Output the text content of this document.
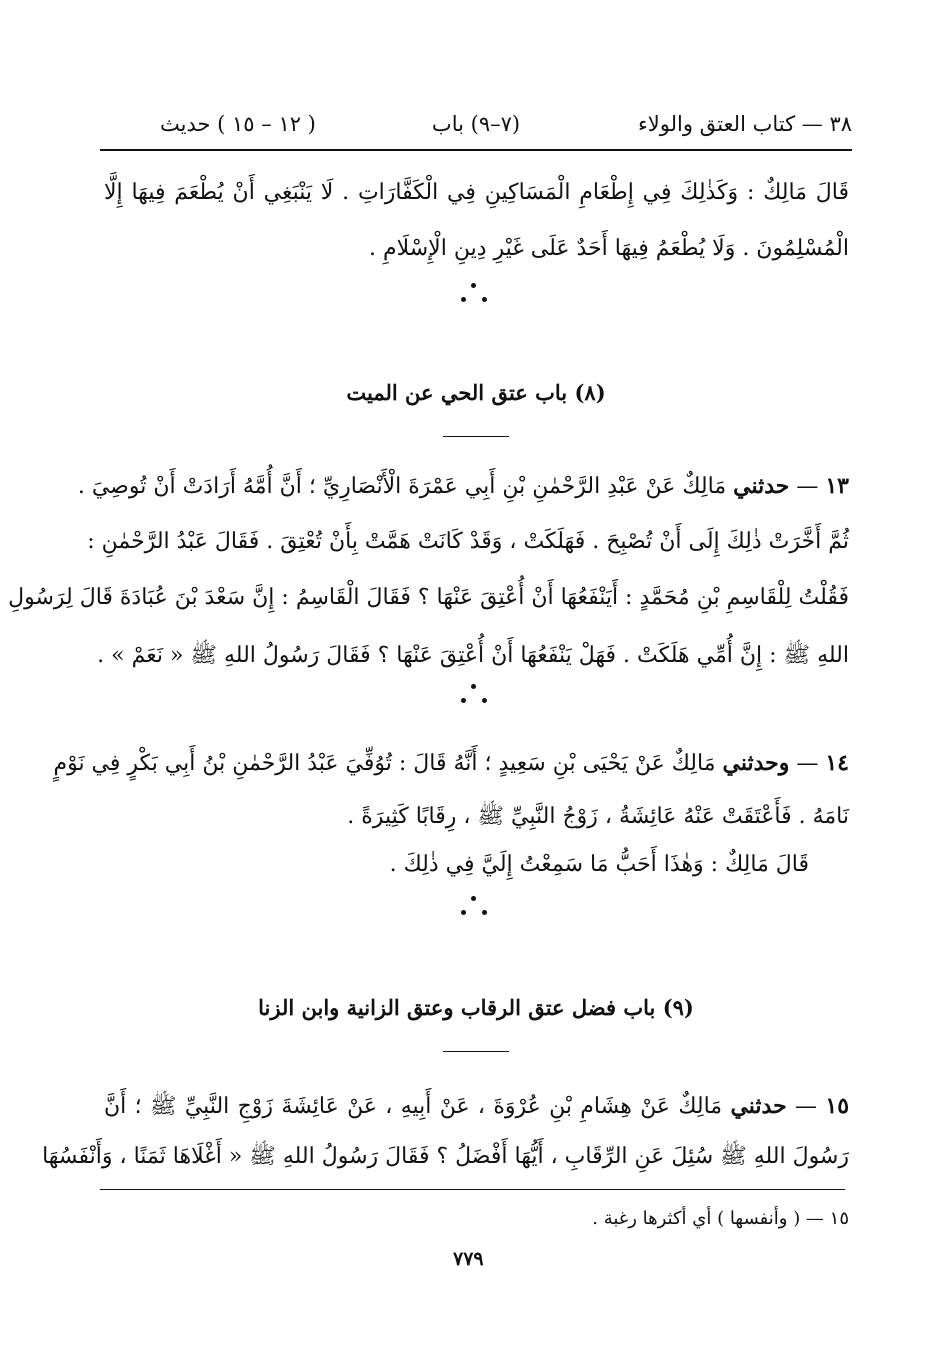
٣٨ — كتاب العتق والولاء
(٧–٩) باب
( ١٢ – ١٥ ) حديث
قَالَ مَالِكٌ : وَكَذٰلِكَ فِي إِطْعَامِ الْمَسَاكِينِ فِي الْكَفَّارَاتِ . لَا يَنْبَغِي أَنْ يُطْعَمَ فِيهَا إِلَّا
الْمُسْلِمُونَ . وَلَا يُطْعَمُ فِيهَا أَحَدٌ عَلَى غَيْرِ دِينِ الْإِسْلَامِ .
(٨) باب عتق الحي عن الميت
١٣ — حدثني مَالِكٌ عَنْ عَبْدِ الرَّحْمٰنِ بْنِ أَبِي عَمْرَةَ الْأَنْصَارِيِّ ؛ أَنَّ أُمَّهُ أَرَادَتْ أَنْ تُوصِيَ .
ثُمَّ أَخَّرَتْ ذٰلِكَ إِلَى أَنْ تُصْبِحَ . فَهَلَكَتْ ، وَقَدْ كَانَتْ هَمَّتْ بِأَنْ تُعْتِقَ . فَقَالَ عَبْدُ الرَّحْمٰنِ :
فَقُلْتُ لِلْقَاسِمِ بْنِ مُحَمَّدٍ : أَيَنْفَعُهَا أَنْ أُعْتِقَ عَنْهَا ؟ فَقَالَ الْقَاسِمُ : إِنَّ سَعْدَ بْنَ عُبَادَةَ قَالَ لِرَسُولِ
اللهِ ﷺ : إِنَّ أُمِّي هَلَكَتْ . فَهَلْ يَنْفَعُهَا أَنْ أُعْتِقَ عَنْهَا ؟ فَقَالَ رَسُولُ اللهِ ﷺ « نَعَمْ » .
١٤ — وحدثني مَالِكٌ عَنْ يَحْيَى بْنِ سَعِيدٍ ؛ أَنَّهُ قَالَ : تُوُفِّيَ عَبْدُ الرَّحْمٰنِ بْنُ أَبِي بَكْرٍ فِي نَوْمٍ
نَامَهُ . فَأَعْتَقَتْ عَنْهُ عَائِشَةُ ، زَوْجُ النَّبِيِّ ﷺ ، رِقَابًا كَثِيرَةً .
قَالَ مَالِكٌ : وَهٰذَا أَحَبُّ مَا سَمِعْتُ إِلَيَّ فِي ذٰلِكَ .
(٩) باب فضل عتق الرقاب وعتق الزانية وابن الزنا
١٥ — حدثني مَالِكٌ عَنْ هِشَامِ بْنِ عُرْوَةَ ، عَنْ أَبِيهِ ، عَنْ عَائِشَةَ زَوْجِ النَّبِيِّ ﷺ ؛ أَنَّ
رَسُولَ اللهِ ﷺ سُئِلَ عَنِ الرِّقَابِ ، أَيُّهَا أَفْضَلُ ؟ فَقَالَ رَسُولُ اللهِ ﷺ « أَغْلَاهَا ثَمَنًا ، وَأَنْفَسُهَا
١٥ — ( وأنفسها ) أي أكثرها رغبة .
٧٧٩
